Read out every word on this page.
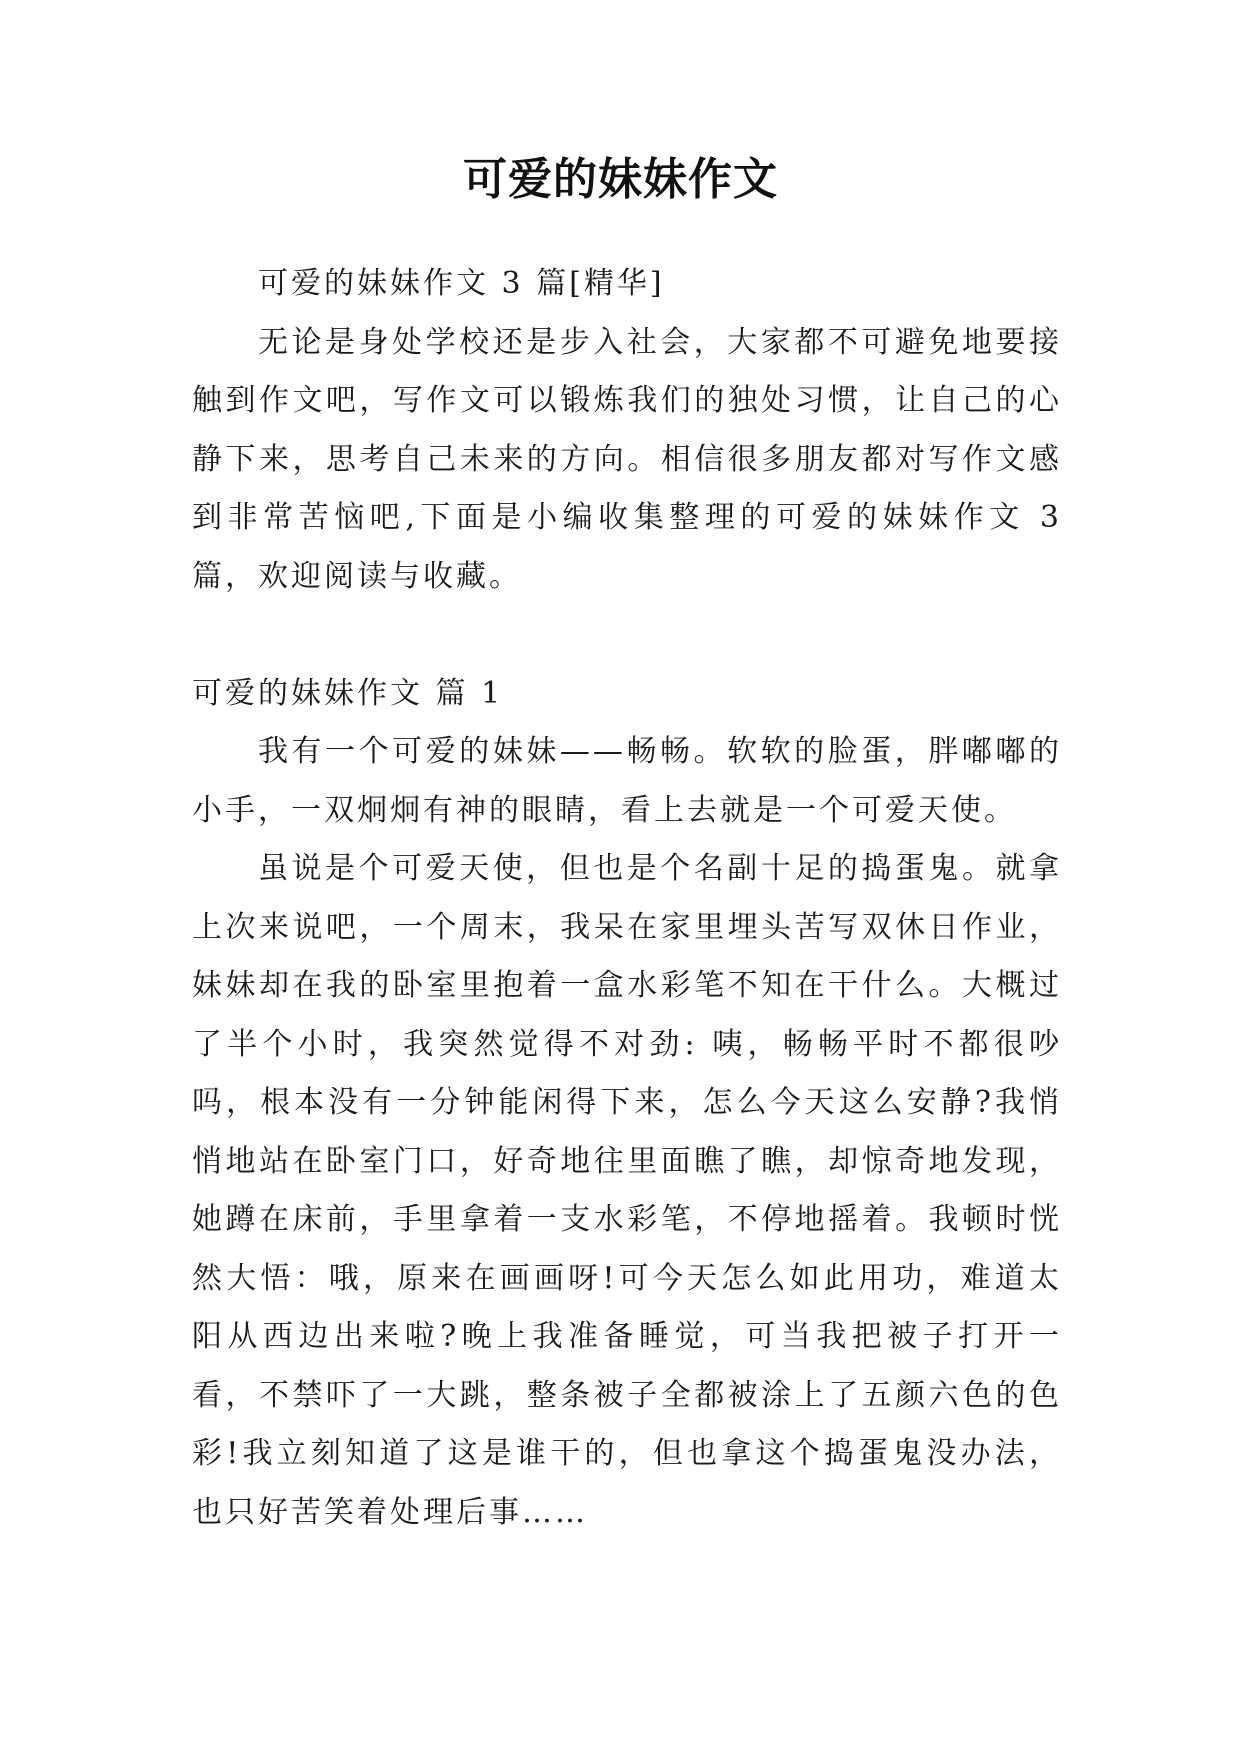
可爱的妹妹作文

可爱的妹妹作文 3 篇[精华]

无论是身处学校还是步入社会，大家都不可避免地要接触到作文吧，写作文可以锻炼我们的独处习惯，让自己的心静下来，思考自己未来的方向。相信很多朋友都对写作文感到非常苦恼吧,下面是小编收集整理的可爱的妹妹作文 3 篇，欢迎阅读与收藏。

可爱的妹妹作文 篇 1

我有一个可爱的妹妹——畅畅。软软的脸蛋，胖嘟嘟的小手，一双炯炯有神的眼睛，看上去就是一个可爱天使。

虽说是个可爱天使，但也是个名副十足的捣蛋鬼。就拿上次来说吧，一个周末，我呆在家里埋头苦写双休日作业，妹妹却在我的卧室里抱着一盒水彩笔不知在干什么。大概过了半个小时，我突然觉得不对劲: 咦，畅畅平时不都很吵吗，根本没有一分钟能闲得下来，怎么今天这么安静?我悄悄地站在卧室门口，好奇地往里面瞧了瞧，却惊奇地发现，她蹲在床前，手里拿着一支水彩笔，不停地摇着。我顿时恍然大悟：哦，原来在画画呀!可今天怎么如此用功，难道太阳从西边出来啦?晚上我准备睡觉，可当我把被子打开一看，不禁吓了一大跳，整条被子全都被涂上了五颜六色的色彩!我立刻知道了这是谁干的，但也拿这个捣蛋鬼没办法，也只好苦笑着处理后事……
